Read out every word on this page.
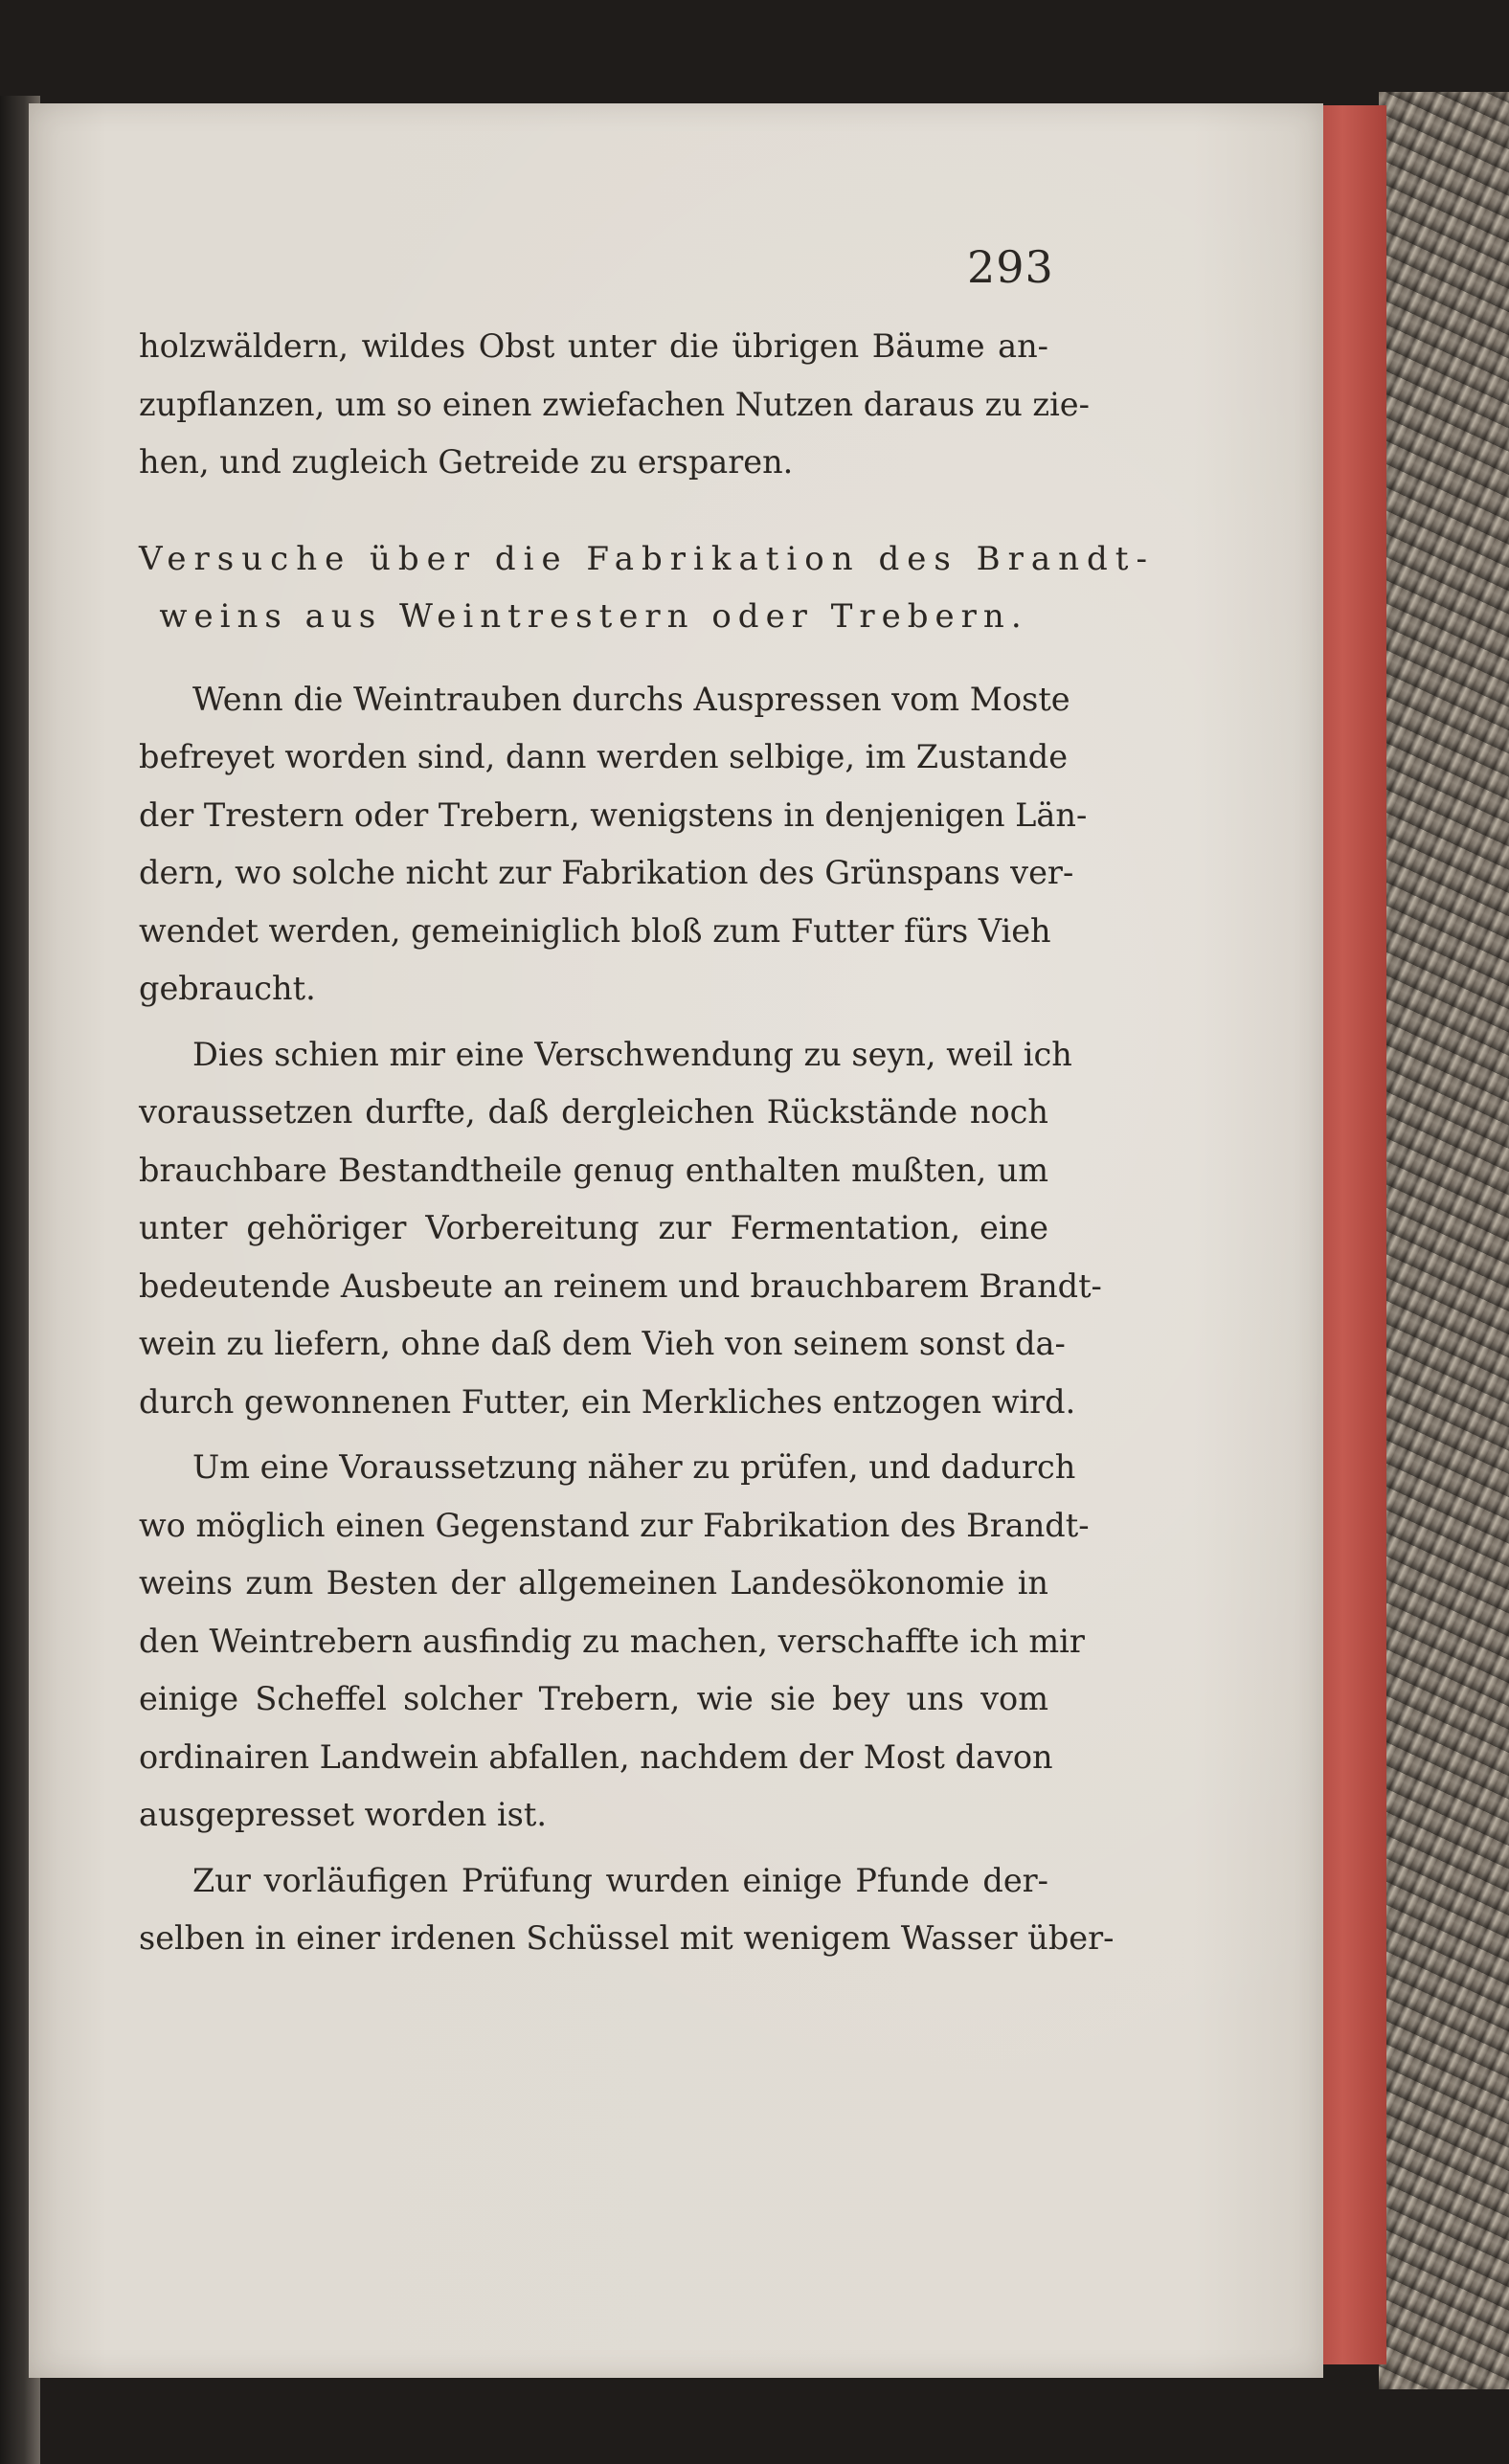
293
holzwäldern, wildes Obst unter die übrigen Bäume an-
zupflanzen, um so einen zwiefachen Nutzen daraus zu zie-
hen, und zugleich Getreide zu ersparen.
Versuche über die Fabrikation des Brandt-
weins aus Weintrestern oder Trebern.
Wenn die Weintrauben durchs Auspressen vom Moste
befreyet worden sind, dann werden selbige, im Zustande
der Trestern oder Trebern, wenigstens in denjenigen Län-
dern, wo solche nicht zur Fabrikation des Grünspans ver-
wendet werden, gemeiniglich bloß zum Futter fürs Vieh
gebraucht.
Dies schien mir eine Verschwendung zu seyn, weil ich
voraussetzen durfte, daß dergleichen Rückstände noch
brauchbare Bestandtheile genug enthalten mußten, um
unter gehöriger Vorbereitung zur Fermentation, eine
bedeutende Ausbeute an reinem und brauchbarem Brandt-
wein zu liefern, ohne daß dem Vieh von seinem sonst da-
durch gewonnenen Futter, ein Merkliches entzogen wird.
Um eine Voraussetzung näher zu prüfen, und dadurch
wo möglich einen Gegenstand zur Fabrikation des Brandt-
weins zum Besten der allgemeinen Landesökonomie in
den Weintrebern ausfindig zu machen, verschaffte ich mir
einige Scheffel solcher Trebern, wie sie bey uns vom
ordinairen Landwein abfallen, nachdem der Most davon
ausgepresset worden ist.
Zur vorläufigen Prüfung wurden einige Pfunde der-
selben in einer irdenen Schüssel mit wenigem Wasser über-
